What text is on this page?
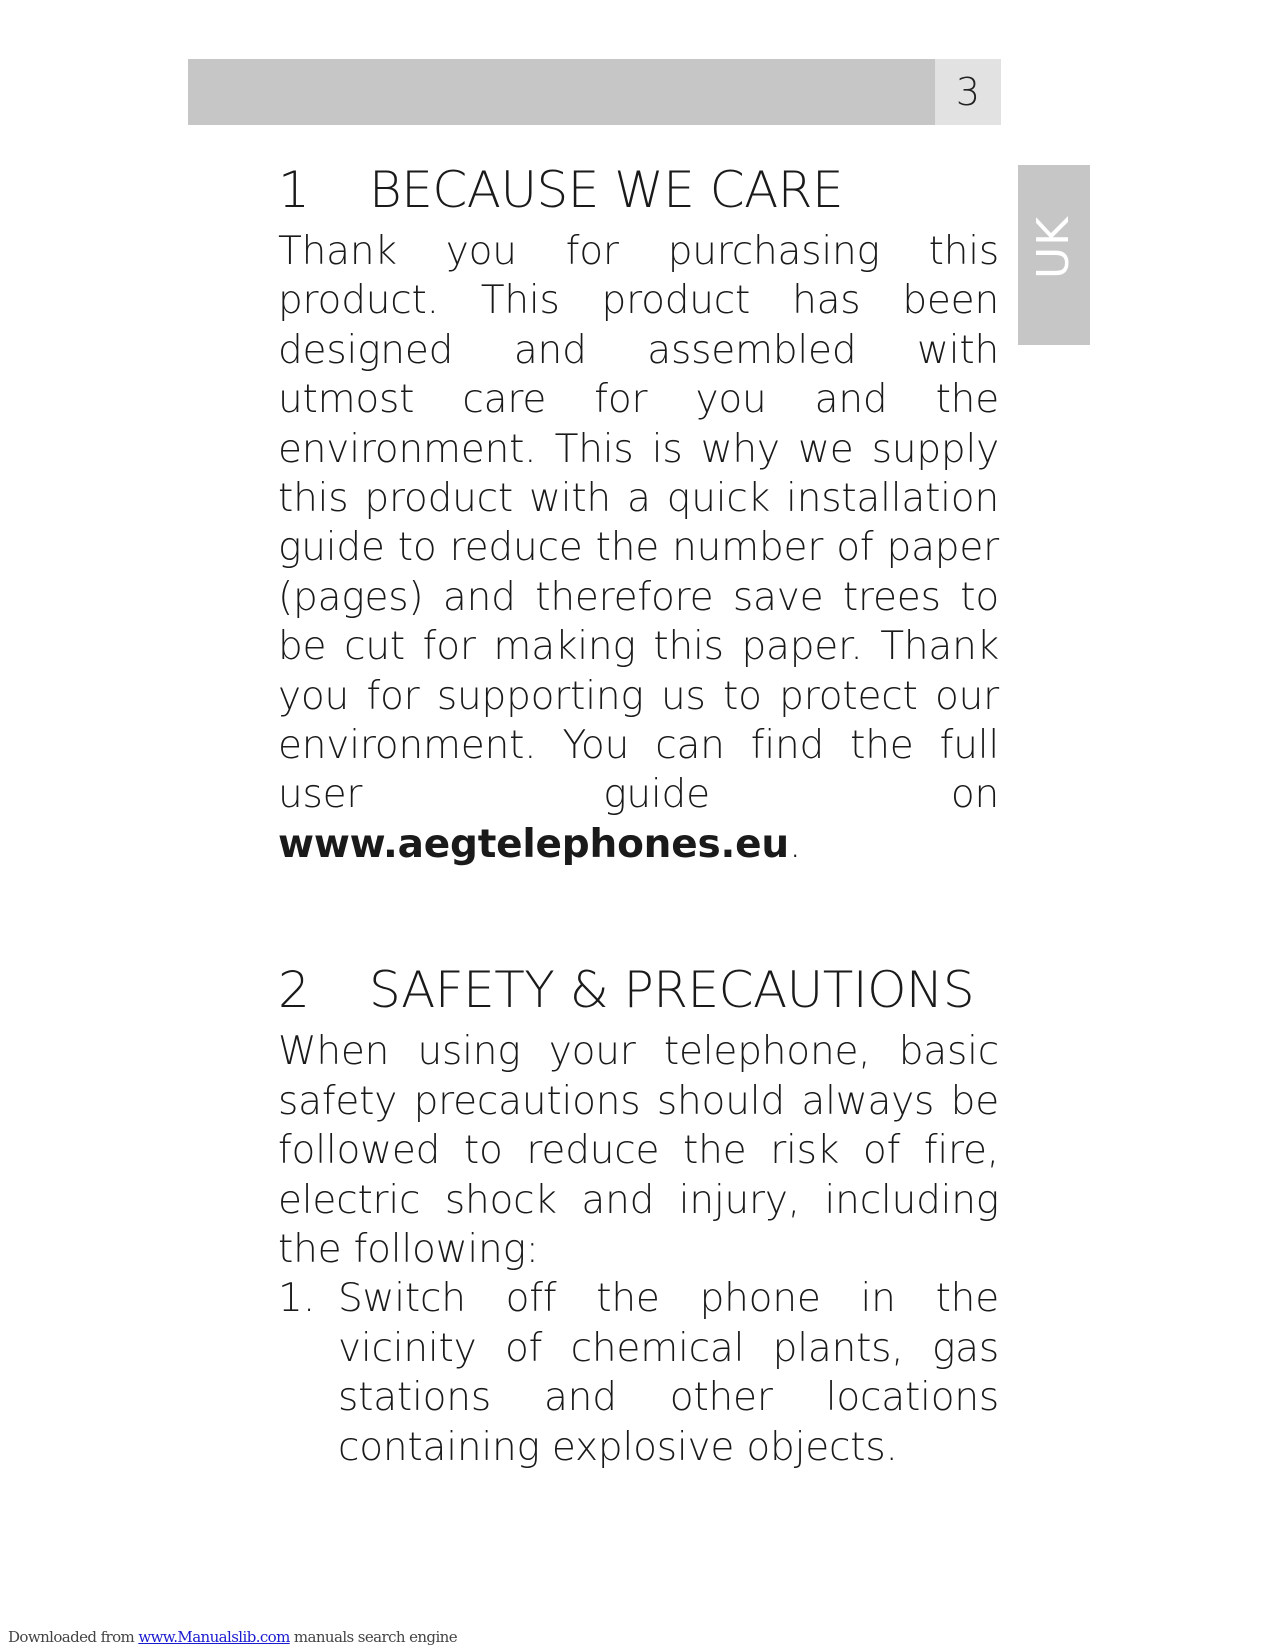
3
UK
1 BECAUSE WE CARE

Thank you for purchasing this product. This product has been designed and assembled with utmost care for you and the environment. This is why we supply this product with a quick installation guide to reduce the number of paper (pages) and therefore save trees to be cut for making this paper. Thank you for supporting us to protect our environment. You can find the full user guide on www.aegtelephones.eu.

2 SAFETY & PRECAUTIONS

When using your telephone, basic safety precautions should always be followed to reduce the risk of fire, electric shock and injury, including the following:

1. Switch off the phone in the vicinity of chemical plants, gas stations and other locations containing explosive objects.
Downloaded from www.Manualslib.com manuals search engine
